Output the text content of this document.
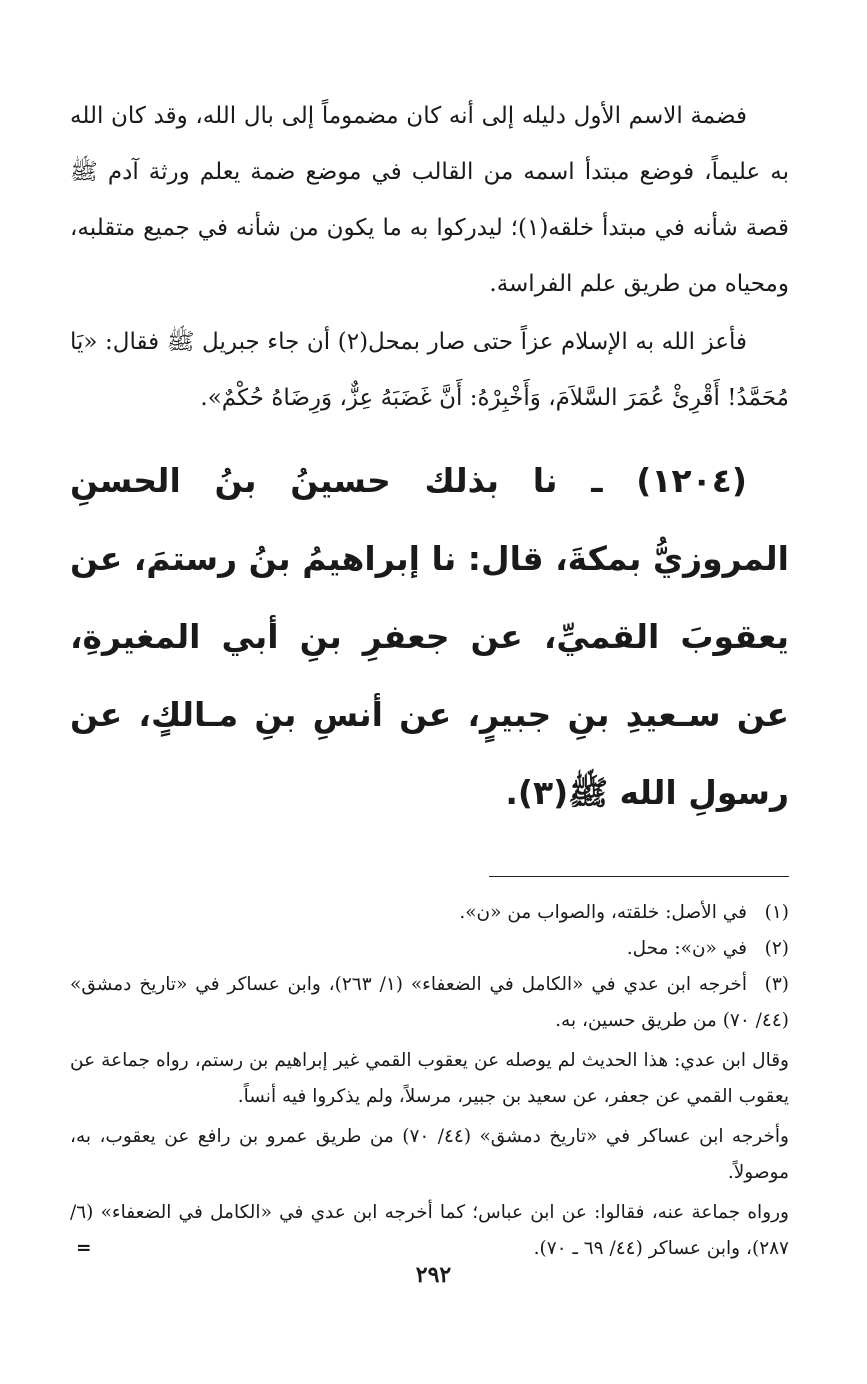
فضمة الاسم الأول دليله إلى أنه كان مضموماً إلى بال الله، وقد كان الله به عليماً، فوضع مبتدأ اسمه من القالب في موضع ضمة يعلم ورثة آدم ﷺ قصة شأنه في مبتدأ خلقه(١)؛ ليدركوا به ما يكون من شأنه في جميع متقلبه، ومحياه من طريق علم الفراسة.

فأعز الله به الإسلام عزاً حتى صار بمحل(٢) أن جاء جبريل ﷺ فقال: «يَا مُحَمَّدُ! أَقْرِئْ عُمَرَ السَّلاَمَ، وَأَخْبِرْهُ: أَنَّ غَضَبَهُ عِزٌّ، وَرِضَاهُ حُكْمٌ».

(١٢٠٤) ـ نا بذلك حسينُ بنُ الحسنِ المروزيُّ بمكةَ، قال: نا إبراهيمُ بنُ رستمَ، عن يعقوبَ القميِّ، عن جعفرِ بنِ أبي المغيرةِ، عن سـعيدِ بنِ جبيرٍ، عن أنسِ بنِ مـالكٍ، عن رسولِ الله ﷺ(٣).

(١)في الأصل: خلقته، والصواب من «ن».

(٢)في «ن»: محل.

(٣)أخرجه ابن عدي في «الكامل في الضعفاء» (١/ ٢٦٣)، وابن عساكر في «تاريخ دمشق» (٤٤/ ٧٠) من طريق حسين، به.

وقال ابن عدي: هذا الحديث لم يوصله عن يعقوب القمي غير إبراهيم بن رستم، رواه جماعة عن يعقوب القمي عن جعفر، عن سعيد بن جبير، مرسلاً، ولم يذكروا فيه أنساً.

وأخرجه ابن عساكر في «تاريخ دمشق» (٤٤/ ٧٠) من طريق عمرو بن رافع عن يعقوب، به، موصولاً.

ورواه جماعة عنه، فقالوا: عن ابن عباس؛ كما أخرجه ابن عدي في «الكامل في الضعفاء» (٦/ ٢٨٧)، وابن عساكر (٤٤/ ٦٩ ـ ٧٠).
=

٢٩٢
